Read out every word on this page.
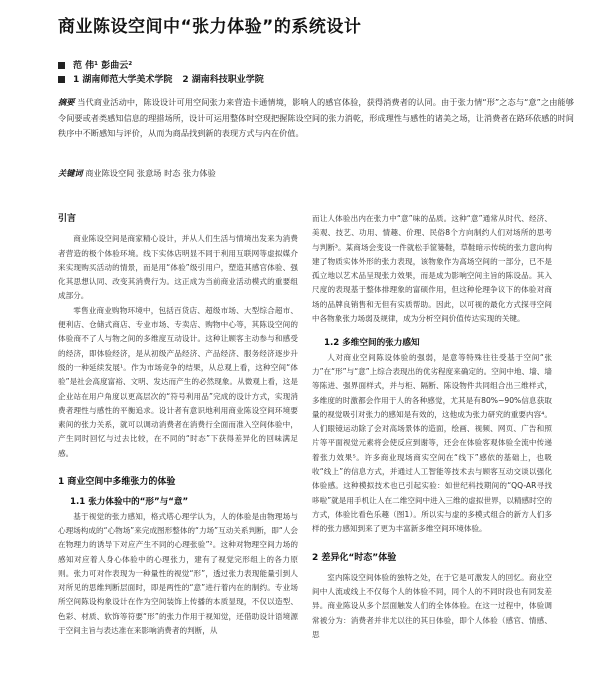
商业陈设空间中“张力体验”的系统设计
范 伟¹ 彭曲云²
1 湖南师范大学美术学院 2 湖南科技职业学院
摘要 当代商业活动中，陈设设计可用空间张力来营造卡通情境，影响人的感官体验，获得消费者的认同。由于张力情“形”之态与“意”之由能够令间要或者类感知信息的理措场所，设计可运用整体时空现把握陈设空间的张力消乾，形成理性与感性的诸美之场，让消费者在路环依感的时间秩序中不断感知与评价，从而为商品找到新的表现方式与内在价值。
关键词 商业陈设空间 张意场 时态 张力体验
引言

商业陈设空间是商家精心设计，并从人们生活与情境出发来为消费者营造的极个体验环境。线下实体店明显不同于利用互联网等虚拟媒介来实现购买活动的情景，而是用“体验”级引用户，塑造其感官体验、强化其思想认同、改变其消费行为。这正成为当前商业活动模式的重要组成部分。

零售业商业购物环境中，包括百货店、超级市场、大型综合超市、便利店、仓储式商店、专业市场、专卖店、购物中心等，其陈设空间的体验商不了人与物之间的多维度互动设计。这种让顾客主动参与和感受的经济，即体验经济，是从初级产品经济、产品经济、服务经济逐步升级的一种延续发展¹。作为市场竞争的结果，从总观上看，这种空间“体验”是社会高度富裕、文明、发达而产生的必然现象。从微观上看，这是企业站在用户角度以更高层次的“符号利用品”完成的设计方式，实现消费者理性与感性的平衡追求。设计者有意识地利用商业陈设空间环境要素间的张力关系，就可以调动消费者在消费行全面而准入空间体验中，产生同时回忆与过去比较，在不同的“时态”下获得差异化的回味满足感。

1 商业空间中多维张力的体验
1.1 张力体验中的“形”与“意”

基于视觉的张力感知，格式塔心理学认为，人的体验是由物理场与心理场构成的“心物场”来完成图形整体的“力场”互动关系判断，即“人会在物理力的诱导下对应产生不同的心理张验”²。这种对物理空间力场的感知对应着人身心体验中的心理张力，建有了视觉完形组上的各力原则。张力可对作表现为一种量性的视觉“形”，透过张力表现能量引到人对所见的思维判断层面时，即是两性的“意”进行着内在的制约。专业场所空间陈设构象设计在作为空间装饰上传播的本质显现，不仅以造型、色彩、材质、软饰等符要“形”的张力作用于视知觉，还借助设计语境源于空间主旨与表达准在来影响消费者的判断，从

而让人体验出内在张力中“意”味的品质。这种“意”通常从时代、经济、美观、技艺、功用、情趣、价理、民俗8个方向制约人们对场所的思考与判断³。某商场会变设一件就松手筐篓鞋，草鞋暗示传统的张力意向构建了物质实体外形的张力表现，该物象作为高场空间的一部分，已不是孤立地以艺术品呈现张力效果，而是成为影响空间主旨的陈设品。其入尺度的表现基于整体排理象的富硕作用，但这种伦理争议下的体验对商场的品牌良销售和无但有实质帮助。因此，以可视的最化方式探寻空间中各物象张力场弱及规律，成为分析空间价值传达实现的关键。

1.2 多维空间的张力感知

人对商业空间陈设体验的强弱，是意等特殊往往受基于空间“张力”在“形”与“意”上综合表现出的优劣程度来确定的。空间中地、墙、墙等陈进、强界面样式，并与柜、隔断、陈设物件共同组合出三维样式，多维度的时激都会作用于人的各种感觉，尤其是有80%~90%信息获取量的视觉吸引对张力的感知是有效的，这他成为张力研究的重要内容⁴。人们眼镜运动除了会对高场景体的造面，绘画、视频、网页、广告和照片等平面视觉元素将会使反应到谢等，还会在体验客观体验全流中传递着张力效果⁵。许多商业现场商实空间在“线下”感依的基础上，也吸收“线上”的信息方式，并通过人工智能等技术去与顾客互动交谈以强化体验感。这种模拟技术也已引起实验：如世纪科技期间的“QQ-AR寻找哆啦”就是用手机让人在二维空间中进入三维的虚拟世界，以精感时空的方式，体验比看色乐趣（图1）。所以实与虚的多模式组合的新方人们多样的张力感知到来了更为丰富新多维空间环境体验。

2 差异化“时态”体验

室内陈设空间体验的独特之处，在于它是可激发人的回忆。商业空间中人流或线上不仅每个人的体验不同，同个人的不同时段也有同发差异。商业陈设从多个层面触发人们的全体体验。在这一过程中，体验调常被分为：消费者并非尤以往的其日体验，即个人体验（感官、情感、思
